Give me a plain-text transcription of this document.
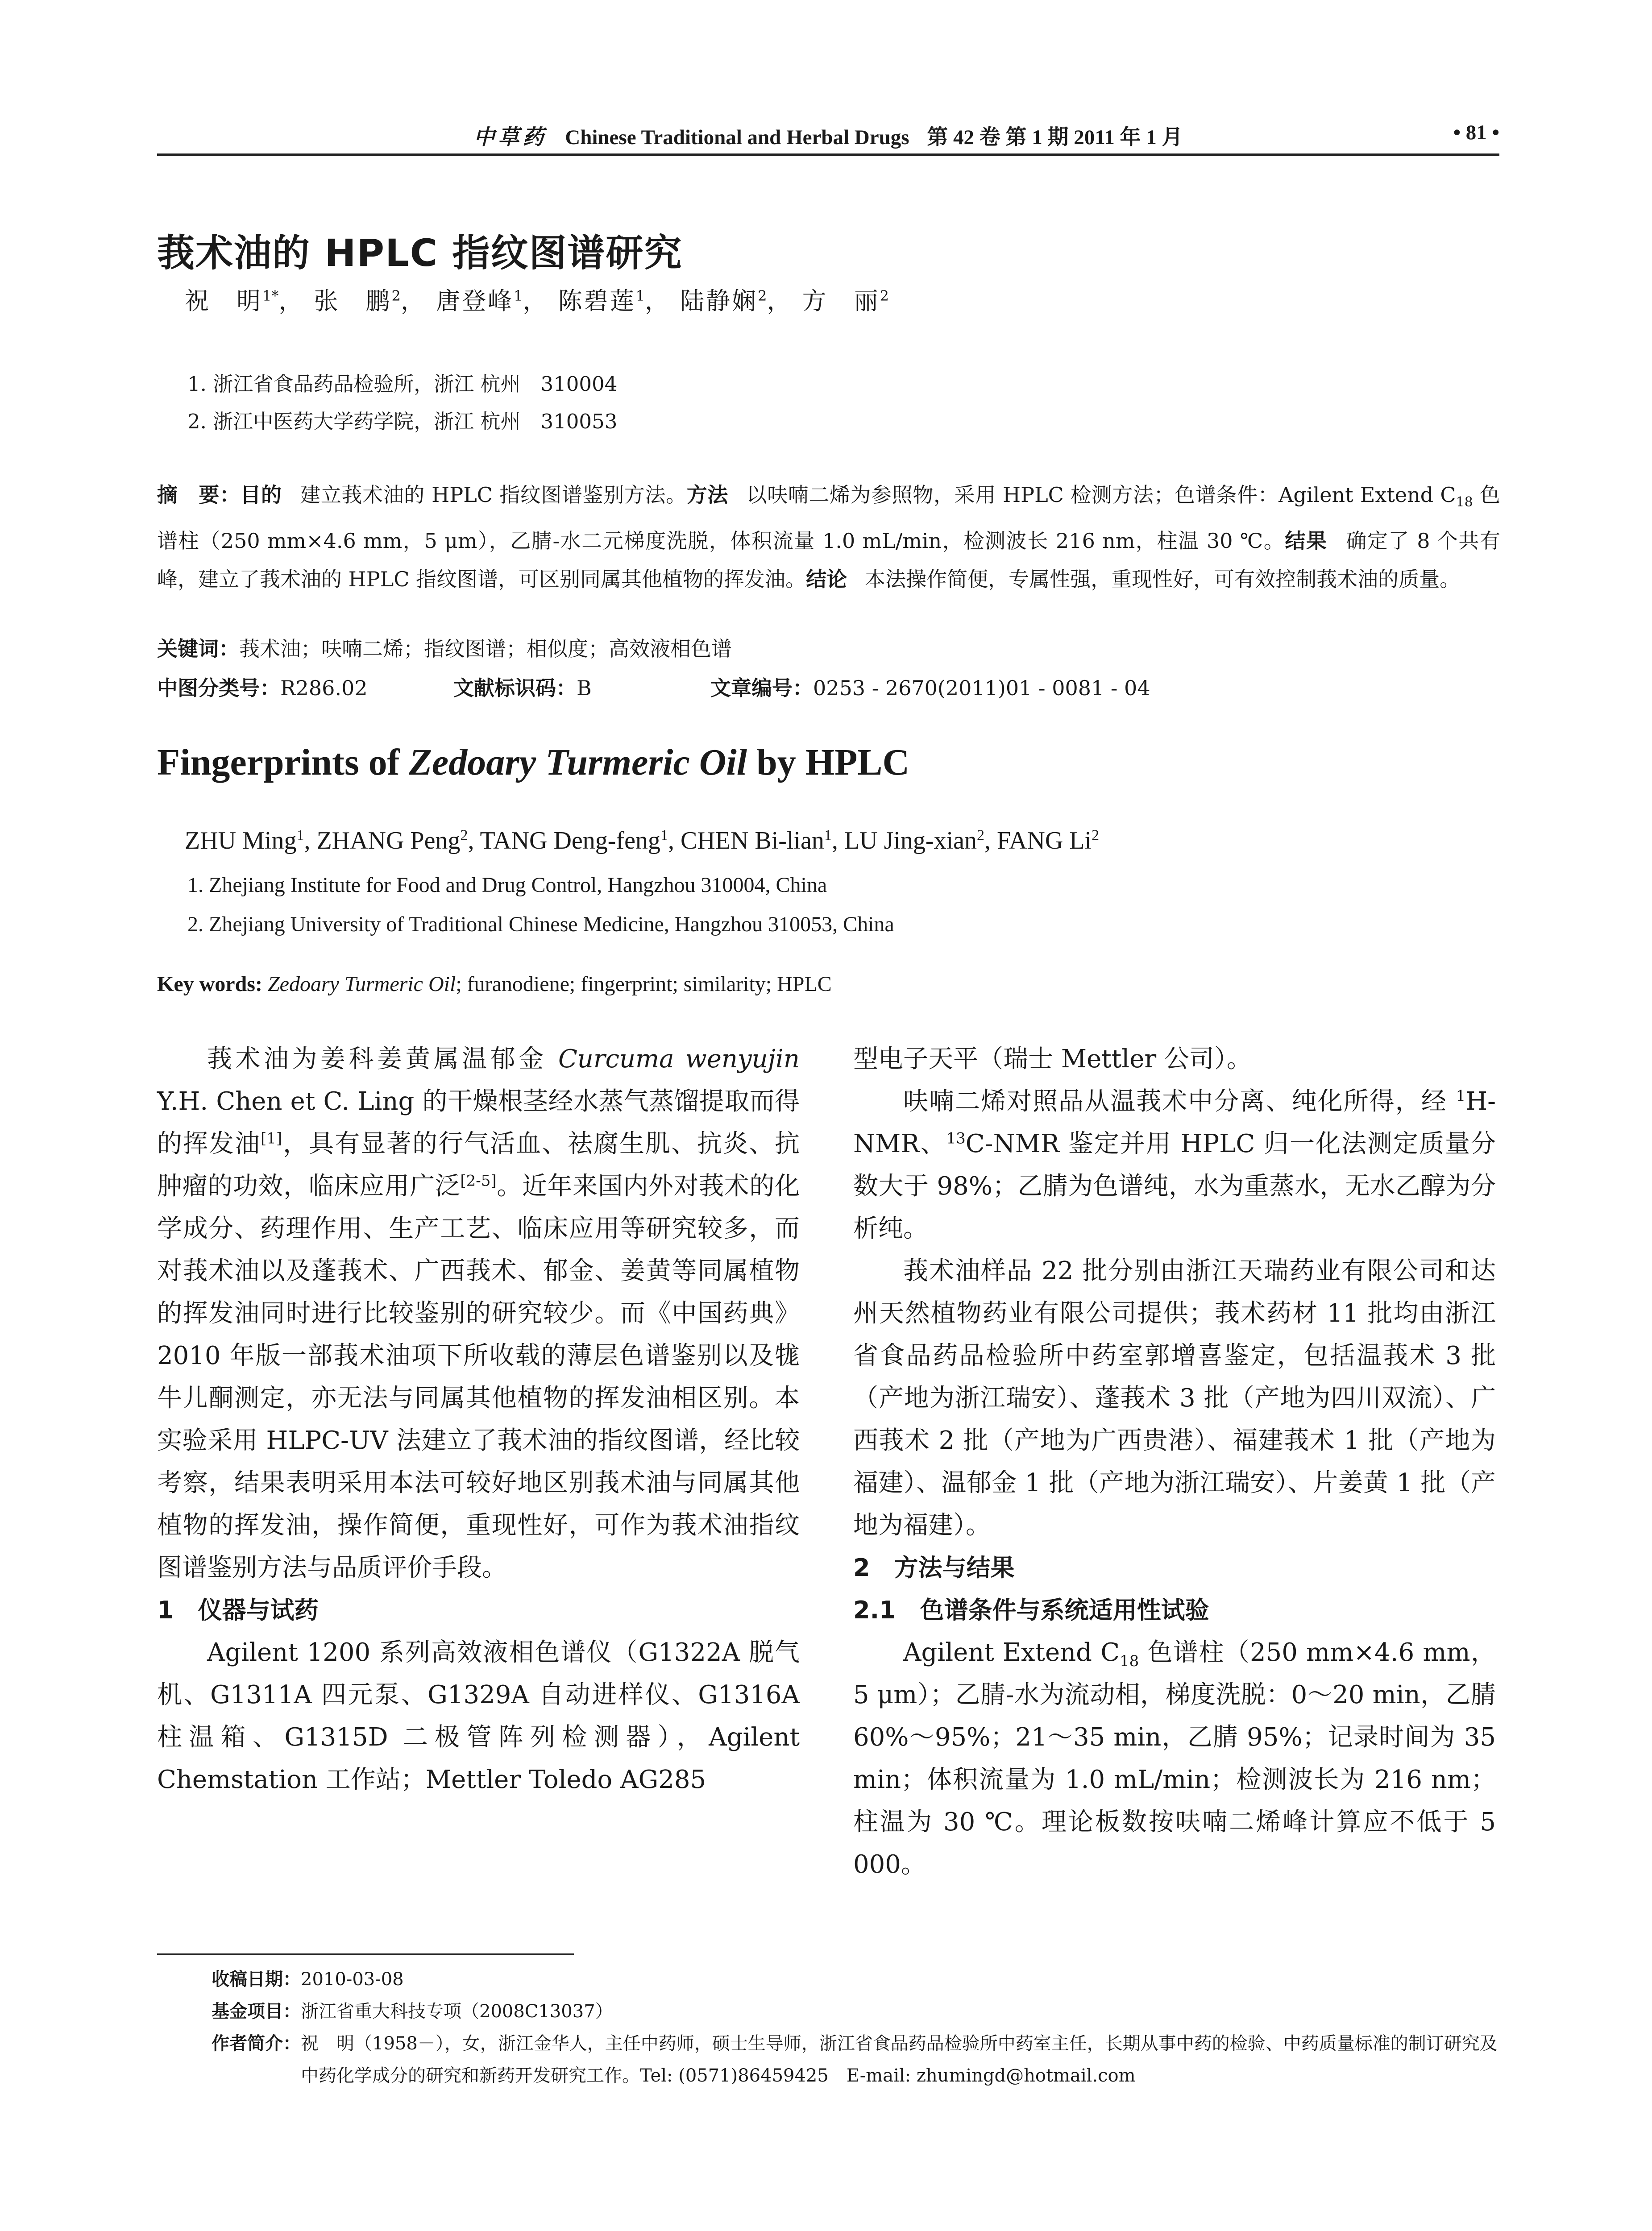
中草药 Chinese Traditional and Herbal Drugs 第 42 卷 第 1 期 2011 年 1 月	• 81 •
莪术油的 HPLC 指纹图谱研究
祝　明$^{1*}$， 张　鹏$^2$， 唐登峰$^1$， 陈碧莲$^1$， 陆静娴$^2$， 方　丽$^2$
1. 浙江省食品药品检验所，浙江 杭州　310004
2. 浙江中医药大学药学院，浙江 杭州　310053
摘　要：目的 建立莪术油的 HPLC 指纹图谱鉴别方法。方法 以呋喃二烯为参照物，采用 HPLC 检测方法；色谱条件：Agilent Extend $C_{18}$ 色谱柱（250 mm×4.6 mm，5 μm），乙腈-水二元梯度洗脱，体积流量 1.0 mL/min，检测波长 216 nm，柱温 30 ℃。结果 确定了 8 个共有峰，建立了莪术油的 HPLC 指纹图谱，可区别同属其他植物的挥发油。结论 本法操作简便，专属性强，重现性好，可有效控制莪术油的质量。
关键词：莪术油；呋喃二烯；指纹图谱；相似度；高效液相色谱
中图分类号：R286.02	文献标识码：B	文章编号：0253 - 2670(2011)01 - 0081 - 04
Fingerprints of Zedoary Turmeric Oil by HPLC
ZHU Ming$^1$, ZHANG Peng$^2$, TANG Deng-feng$^1$, CHEN Bi-lian$^1$, LU Jing-xian$^2$, FANG Li$^2$
1. Zhejiang Institute for Food and Drug Control, Hangzhou 310004, China
2. Zhejiang University of Traditional Chinese Medicine, Hangzhou 310053, China
Key words: Zedoary Turmeric Oil; furanodiene; fingerprint; similarity; HPLC

莪术油为姜科姜黄属温郁金 Curcuma wenyujin Y.H. Chen et C. Ling 的干燥根茎经水蒸气蒸馏提取而得的挥发油[1]，具有显著的行气活血、祛腐生肌、抗炎、抗肿瘤的功效，临床应用广泛[2-5]。近年来国内外对莪术的化学成分、药理作用、生产工艺、临床应用等研究较多，而对莪术油以及蓬莪术、广西莪术、郁金、姜黄等同属植物的挥发油同时进行比较鉴别的研究较少。而《中国药典》2010 年版一部莪术油项下所收载的薄层色谱鉴别以及牻牛儿酮测定，亦无法与同属其他植物的挥发油相区别。本实验采用 HLPC-UV 法建立了莪术油的指纹图谱，经比较考察，结果表明采用本法可较好地区别莪术油与同属其他植物的挥发油，操作简便，重现性好，可作为莪术油指纹图谱鉴别方法与品质评价手段。

1　仪器与试药

Agilent 1200 系列高效液相色谱仪（G1322A 脱气机、G1311A 四元泵、G1329A 自动进样仪、G1316A 柱温箱、G1315D 二极管阵列检测器），Agilent Chemstation 工作站；Mettler Toledo AG285

型电子天平（瑞士 Mettler 公司）。

呋喃二烯对照品从温莪术中分离、纯化所得，经 $^1$H-NMR、$^{13}$C-NMR 鉴定并用 HPLC 归一化法测定质量分数大于 98%；乙腈为色谱纯，水为重蒸水，无水乙醇为分析纯。

莪术油样品 22 批分别由浙江天瑞药业有限公司和达州天然植物药业有限公司提供；莪术药材 11 批均由浙江省食品药品检验所中药室郭增喜鉴定，包括温莪术 3 批（产地为浙江瑞安）、蓬莪术 3 批（产地为四川双流）、广西莪术 2 批（产地为广西贵港）、福建莪术 1 批（产地为福建）、温郁金 1 批（产地为浙江瑞安）、片姜黄 1 批（产地为福建）。

2　方法与结果
2.1　色谱条件与系统适用性试验

Agilent Extend $C_{18}$ 色谱柱（250 mm×4.6 mm，5 μm）；乙腈-水为流动相，梯度洗脱：0～20 min，乙腈 60%～95%；21～35 min，乙腈 95%；记录时间为 35 min；体积流量为 1.0 mL/min；检测波长为 216 nm；柱温为 30 ℃。理论板数按呋喃二烯峰计算应不低于 5 000。

收稿日期： 2010-03-08
基金项目： 浙江省重大科技专项（2008C13037）
作者简介： 祝　明（1958－），女，浙江金华人，主任中药师，硕士生导师，浙江省食品药品检验所中药室主任，长期从事中药的检验、中药质量标准的制订研究及中药化学成分的研究和新药开发研究工作。Tel: (0571)86459425　E-mail: zhumingd@hotmail.com
